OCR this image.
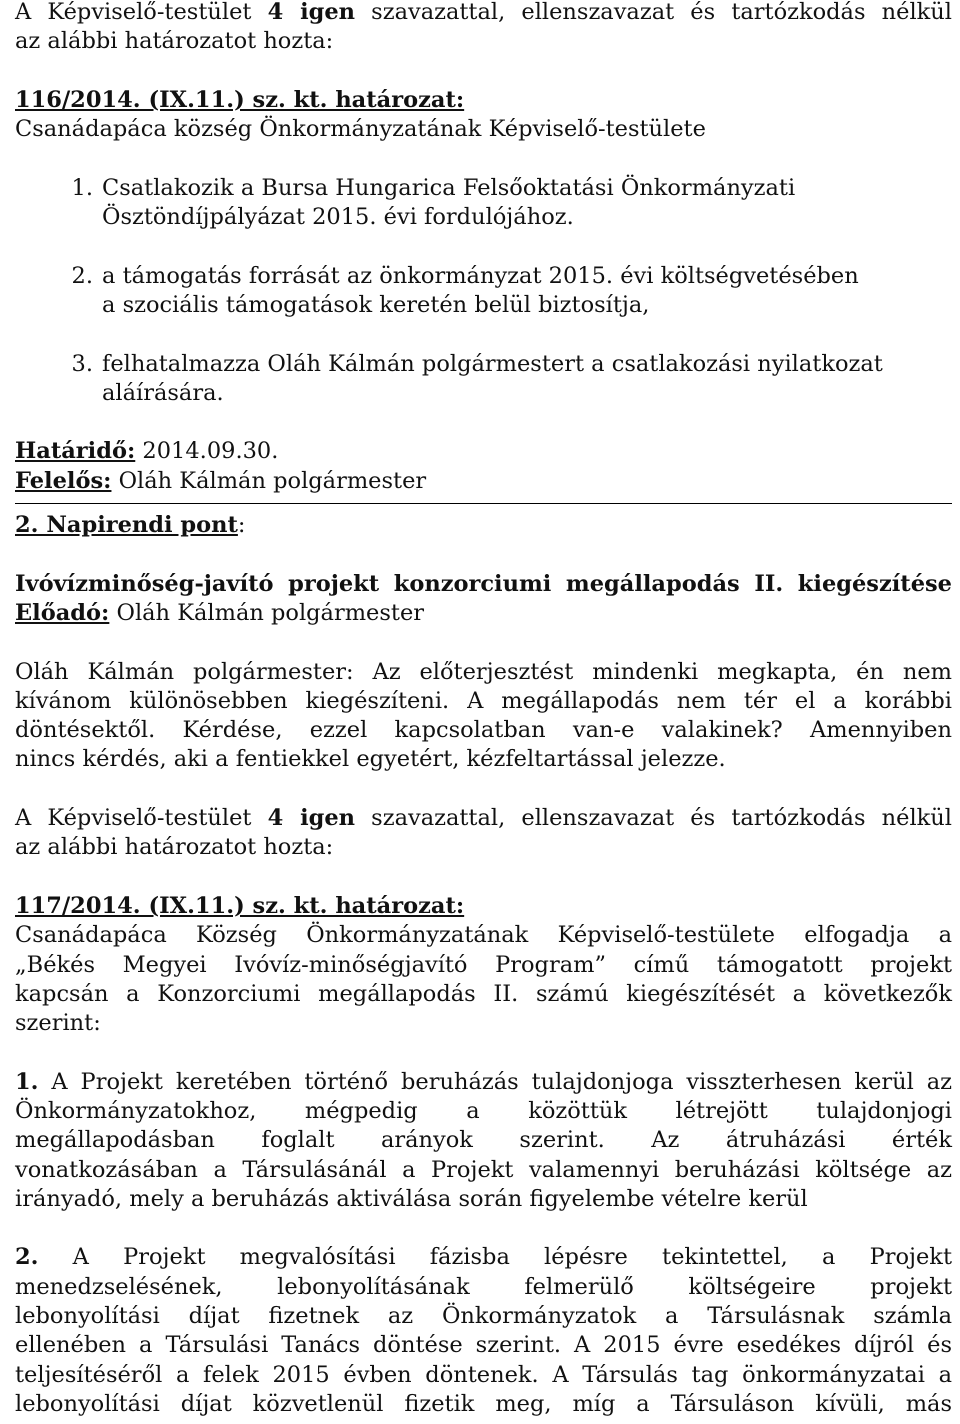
A Képviselő-testület 4 igen szavazattal, ellenszavazat és tartózkodás nélkül

az alábbi határozatot hozta:

116/2014. (IX.11.) sz. kt. határozat:

Csanádapáca község Önkormányzatának Képviselő-testülete

1. Csatlakozik a Bursa Hungarica Felsőoktatási Önkormányzati
Ösztöndíjpályázat 2015. évi fordulójához.
2. a támogatás forrását az önkormányzat 2015. évi költségvetésében
a szociális támogatások keretén belül biztosítja,
3. felhatalmazza Oláh Kálmán polgármestert a csatlakozási nyilatkozat
aláírására.

Határidő: 2014.09.30.

Felelős: Oláh Kálmán polgármester

2. Napirendi pont:

Ivóvízminőség-javító projekt konzorciumi megállapodás II. kiegészítése

Előadó: Oláh Kálmán polgármester

Oláh Kálmán polgármester: Az előterjesztést mindenki megkapta, én nem

kívánom különösebben kiegészíteni. A megállapodás nem tér el a korábbi

döntésektől. Kérdése, ezzel kapcsolatban van-e valakinek? Amennyiben

nincs kérdés, aki a fentiekkel egyetért, kézfeltartással jelezze.

A Képviselő-testület 4 igen szavazattal, ellenszavazat és tartózkodás nélkül

az alábbi határozatot hozta:

117/2014. (IX.11.) sz. kt. határozat:

Csanádapáca Község Önkormányzatának Képviselő-testülete elfogadja a

„Békés Megyei Ivóvíz-minőségjavító Program” című támogatott projekt

kapcsán a Konzorciumi megállapodás II. számú kiegészítését a következők

szerint:

1. A Projekt keretében történő beruházás tulajdonjoga visszterhesen kerül az

Önkormányzatokhoz, mégpedig a közöttük létrejött tulajdonjogi

megállapodásban foglalt arányok szerint. Az átruházási érték

vonatkozásában a Társulásánál a Projekt valamennyi beruházási költsége az

irányadó, mely a beruházás aktiválása során figyelembe vételre kerül

2. A Projekt megvalósítási fázisba lépésre tekintettel, a Projekt

menedzselésének, lebonyolításának felmerülő költségeire projekt

lebonyolítási díjat fizetnek az Önkormányzatok a Társulásnak számla

ellenében a Társulási Tanács döntése szerint. A 2015 évre esedékes díjról és

teljesítéséről a felek 2015 évben döntenek. A Társulás tag önkormányzatai a

lebonyolítási díjat közvetlenül fizetik meg, míg a Társuláson kívüli, más
